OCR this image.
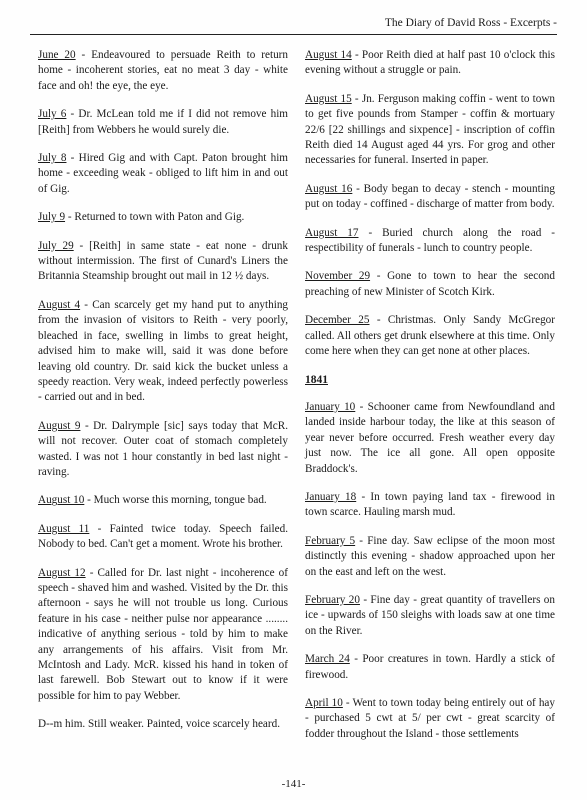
The Diary of David Ross - Excerpts -

June 20 - Endeavoured to persuade Reith to return home - incoherent stories, eat no meat 3 day - white face and oh! the eye, the eye.

July 6 - Dr. McLean told me if I did not remove him [Reith] from Webbers he would surely die.

July 8 - Hired Gig and with Capt. Paton brought him home - exceeding weak - obliged to lift him in and out of Gig.

July 9 - Returned to town with Paton and Gig.

July 29 - [Reith] in same state - eat none - drunk without intermission. The first of Cunard's Liners the Britannia Steamship brought out mail in 12 ½ days.

August 4 - Can scarcely get my hand put to anything from the invasion of visitors to Reith - very poorly, bleached in face, swelling in limbs to great height, advised him to make will, said it was done before leaving old country. Dr. said kick the bucket unless a speedy reaction. Very weak, indeed perfectly powerless - carried out and in bed.

August 9 - Dr. Dalrymple [sic] says today that McR. will not recover. Outer coat of stomach completely wasted. I was not 1 hour constantly in bed last night - raving.

August 10 - Much worse this morning, tongue bad.

August 11 - Fainted twice today. Speech failed. Nobody to bed. Can't get a moment. Wrote his brother.

August 12 - Called for Dr. last night - incoherence of speech - shaved him and washed. Visited by the Dr. this afternoon - says he will not trouble us long. Curious feature in his case - neither pulse nor appearance ........ indicative of anything serious - told by him to make any arrangements of his affairs. Visit from Mr. McIntosh and Lady. McR. kissed his hand in token of last farewell. Bob Stewart out to know if it were possible for him to pay Webber.

D--m him. Still weaker. Painted, voice scarcely heard.

August 14 - Poor Reith died at half past 10 o'clock this evening without a struggle or pain.

August 15 - Jn. Ferguson making coffin - went to town to get five pounds from Stamper - coffin & mortuary 22/6 [22 shillings and sixpence] - inscription of coffin Reith died 14 August aged 44 yrs. For grog and other necessaries for funeral. Inserted in paper.

August 16 - Body began to decay - stench - mounting put on today - coffined - discharge of matter from body.

August 17 - Buried church along the road - respectibility of funerals - lunch to country people.

November 29 - Gone to town to hear the second preaching of new Minister of Scotch Kirk.

December 25 - Christmas. Only Sandy McGregor called. All others get drunk elsewhere at this time. Only come here when they can get none at other places.

1841

January 10 - Schooner came from Newfoundland and landed inside harbour today, the like at this season of year never before occurred. Fresh weather every day just now. The ice all gone. All open opposite Braddock's.

January 18 - In town paying land tax - firewood in town scarce. Hauling marsh mud.

February 5 - Fine day. Saw eclipse of the moon most distinctly this evening - shadow approached upon her on the east and left on the west.

February 20 - Fine day - great quantity of travellers on ice - upwards of 150 sleighs with loads saw at one time on the River.

March 24 - Poor creatures in town. Hardly a stick of firewood.

April 10 - Went to town today being entirely out of hay - purchased 5 cwt at 5/ per cwt - great scarcity of fodder throughout the Island - those settlements

-141-
